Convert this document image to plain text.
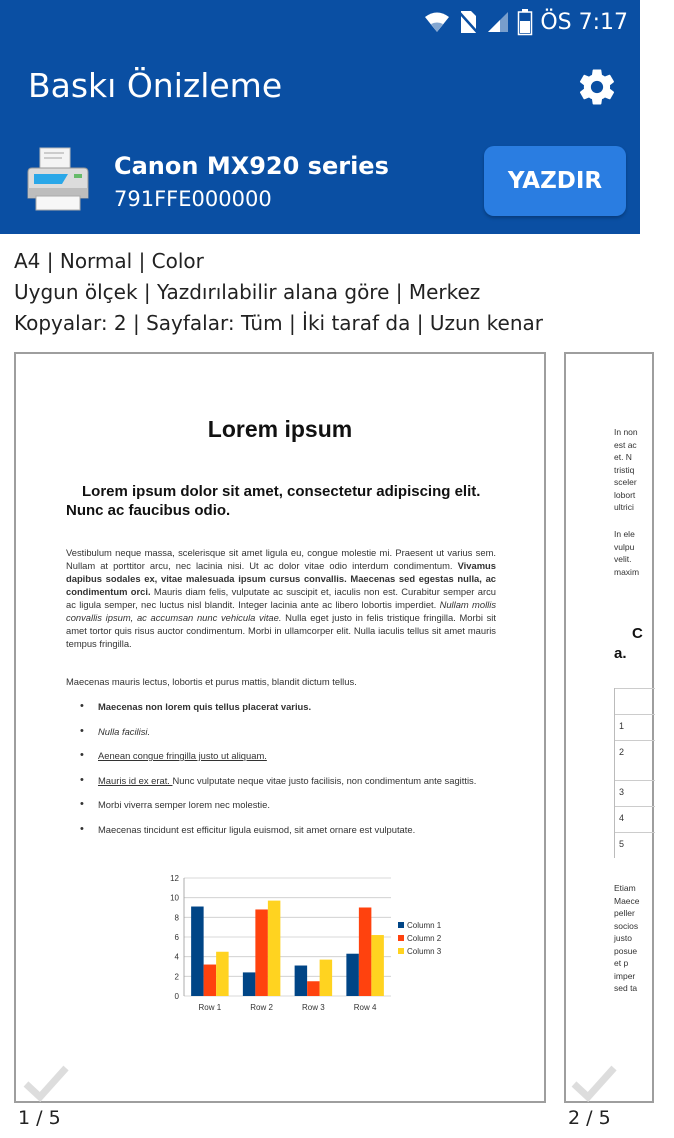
ÖS 7:17
Baskı Önizleme
Canon MX920 series
791FFE000000
YAZDIR
A4 | Normal | Color
Uygun ölçek | Yazdırılabilir alana göre | Merkez
Kopyalar: 2 | Sayfalar: Tüm | İki taraf da | Uzun kenar
Lorem ipsum
Lorem ipsum dolor sit amet, consectetur adipiscing elit. Nunc ac faucibus odio.
Vestibulum neque massa, scelerisque sit amet ligula eu, congue molestie mi. Praesent ut varius sem. Nullam at porttitor arcu, nec lacinia nisi. Ut ac dolor vitae odio interdum condimentum. Vivamus dapibus sodales ex, vitae malesuada ipsum cursus convallis. Maecenas sed egestas nulla, ac condimentum orci. Mauris diam felis, vulputate ac suscipit et, iaculis non est. Curabitur semper arcu ac ligula semper, nec luctus nisl blandit. Integer lacinia ante ac libero lobortis imperdiet. Nullam mollis convallis ipsum, ac accumsan nunc vehicula vitae. Nulla eget justo in felis tristique fringilla. Morbi sit amet tortor quis risus auctor condimentum. Morbi in ullamcorper elit. Nulla iaculis tellus sit amet mauris tempus fringilla.
Maecenas mauris lectus, lobortis et purus mattis, blandit dictum tellus.
• Maecenas non lorem quis tellus placerat varius.
• Nulla facilisi.
• Aenean congue fringilla justo ut aliquam.
• Mauris id ex erat. Nunc vulputate neque vitae justo facilisis, non condimentum ante sagittis.
• Morbi viverra semper lorem nec molestie.
• Maecenas tincidunt est efficitur ligula euismod, sit amet ornare est vulputate.
0
2
4
6
8
10
12
Row 1	Row 2	Row 3	Row 4
Column 1
Column 2
Column 3
1 / 5
In non
est ac
et. N
tristiq
sceler
lobort
ultrici
In ele
vulpu
velit.
maxim
C
a.
1
2
3
4
5
Etiam
Maece
peller
socios
justo
posue
et p
imper
sed ta
2 / 5
